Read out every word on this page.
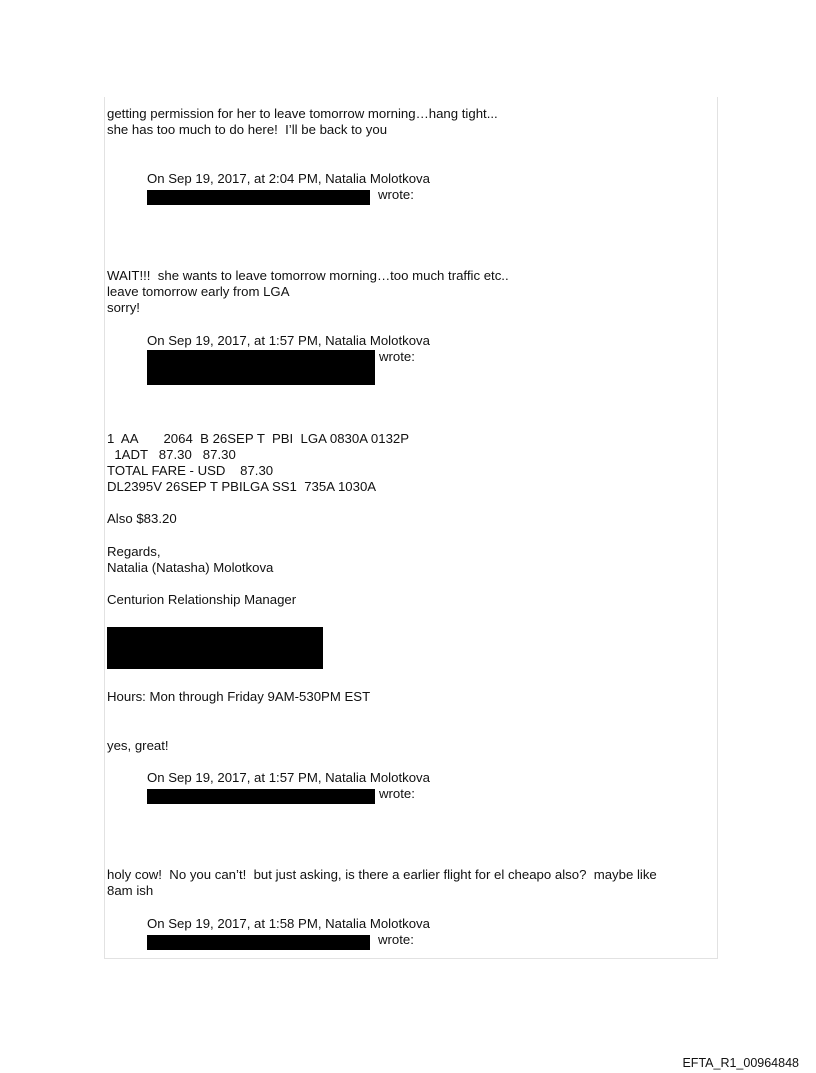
getting permission for her to leave tomorrow morning…hang tight...
she has too much to do here!  I’ll be back to you
On Sep 19, 2017, at 2:04 PM, Natalia Molotkova
wrote:
WAIT!!!  she wants to leave tomorrow morning…too much traffic etc..
leave tomorrow early from LGA
sorry!
On Sep 19, 2017, at 1:57 PM, Natalia Molotkova
wrote:
1  AA       2064  B 26SEP T  PBI  LGA 0830A 0132P
1ADT   87.30   87.30
TOTAL FARE - USD    87.30
DL2395V 26SEP T PBILGA SS1  735A 1030A
Also $83.20
Regards,
Natalia (Natasha) Molotkova
Centurion Relationship Manager
Hours: Mon through Friday 9AM-530PM EST
yes, great!
On Sep 19, 2017, at 1:57 PM, Natalia Molotkova
wrote:
holy cow!  No you can’t!  but just asking, is there a earlier flight for el cheapo also?  maybe like
8am ish
On Sep 19, 2017, at 1:58 PM, Natalia Molotkova
wrote:
EFTA_R1_00964848
